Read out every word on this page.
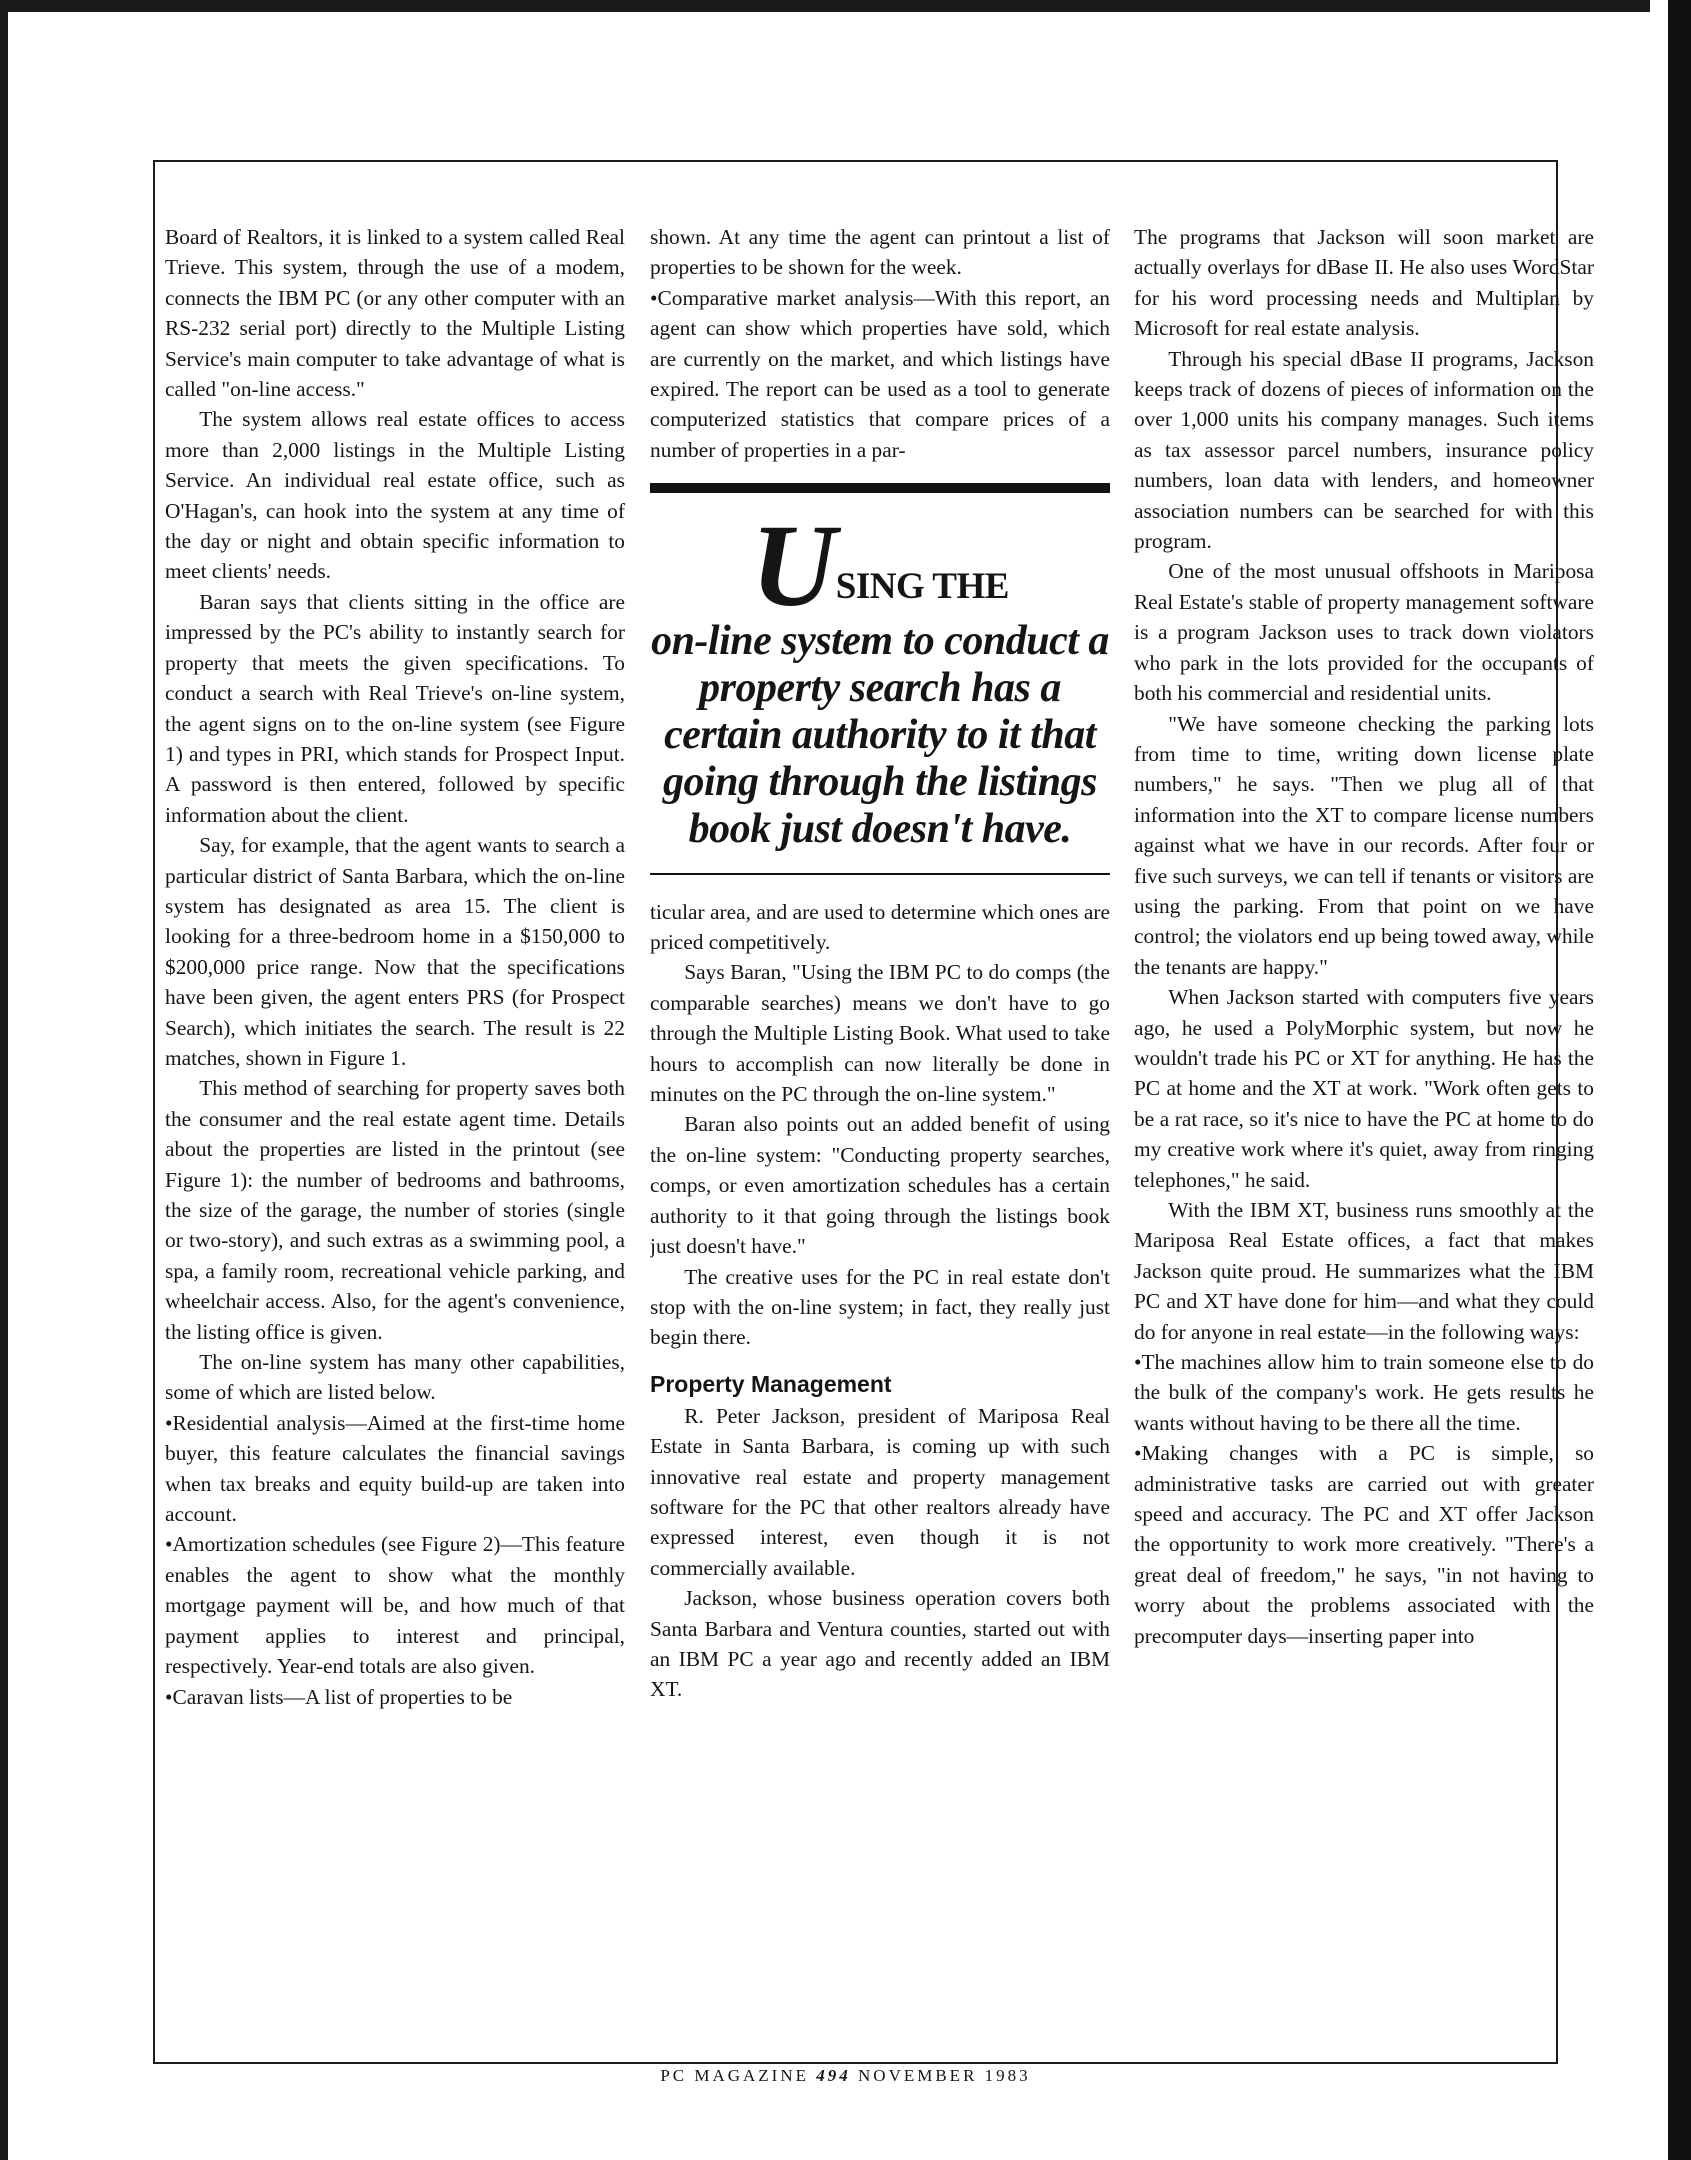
Board of Realtors, it is linked to a system called Real Trieve. This system, through the use of a modem, connects the IBM PC (or any other computer with an RS-232 serial port) directly to the Multiple Listing Service's main computer to take advantage of what is called "on-line access."

The system allows real estate offices to access more than 2,000 listings in the Multiple Listing Service. An individual real estate office, such as O'Hagan's, can hook into the system at any time of the day or night and obtain specific information to meet clients' needs.

Baran says that clients sitting in the office are impressed by the PC's ability to instantly search for property that meets the given specifications. To conduct a search with Real Trieve's on-line system, the agent signs on to the on-line system (see Figure 1) and types in PRI, which stands for Prospect Input. A password is then entered, followed by specific information about the client.

Say, for example, that the agent wants to search a particular district of Santa Barbara, which the on-line system has designated as area 15. The client is looking for a three-bedroom home in a $150,000 to $200,000 price range. Now that the specifications have been given, the agent enters PRS (for Prospect Search), which initiates the search. The result is 22 matches, shown in Figure 1.

This method of searching for property saves both the consumer and the real estate agent time. Details about the properties are listed in the printout (see Figure 1): the number of bedrooms and bathrooms, the size of the garage, the number of stories (single or two-story), and such extras as a swimming pool, a spa, a family room, recreational vehicle parking, and wheelchair access. Also, for the agent's convenience, the listing office is given.

The on-line system has many other capabilities, some of which are listed below.

•Residential analysis—Aimed at the first-time home buyer, this feature calculates the financial savings when tax breaks and equity build-up are taken into account.

•Amortization schedules (see Figure 2)—This feature enables the agent to show what the monthly mortgage payment will be, and how much of that payment applies to interest and principal, respectively. Year-end totals are also given.

•Caravan lists—A list of properties to be

shown. At any time the agent can printout a list of properties to be shown for the week.

•Comparative market analysis—With this report, an agent can show which properties have sold, which are currently on the market, and which listings have expired. The report can be used as a tool to generate computerized statistics that compare prices of a number of properties in a par-

USING THE
on-line system to conduct a property search has a certain authority to it that going through the listings book just doesn't have.

ticular area, and are used to determine which ones are priced competitively.

Says Baran, "Using the IBM PC to do comps (the comparable searches) means we don't have to go through the Multiple Listing Book. What used to take hours to accomplish can now literally be done in minutes on the PC through the on-line system."

Baran also points out an added benefit of using the on-line system: "Conducting property searches, comps, or even amortization schedules has a certain authority to it that going through the listings book just doesn't have."

The creative uses for the PC in real estate don't stop with the on-line system; in fact, they really just begin there.

Property Management

R. Peter Jackson, president of Mariposa Real Estate in Santa Barbara, is coming up with such innovative real estate and property management software for the PC that other realtors already have expressed interest, even though it is not commercially available.

Jackson, whose business operation covers both Santa Barbara and Ventura counties, started out with an IBM PC a year ago and recently added an IBM XT.

The programs that Jackson will soon market are actually overlays for dBase II. He also uses WordStar for his word processing needs and Multiplan by Microsoft for real estate analysis.

Through his special dBase II programs, Jackson keeps track of dozens of pieces of information on the over 1,000 units his company manages. Such items as tax assessor parcel numbers, insurance policy numbers, loan data with lenders, and homeowner association numbers can be searched for with this program.

One of the most unusual offshoots in Mariposa Real Estate's stable of property management software is a program Jackson uses to track down violators who park in the lots provided for the occupants of both his commercial and residential units.

"We have someone checking the parking lots from time to time, writing down license plate numbers," he says. "Then we plug all of that information into the XT to compare license numbers against what we have in our records. After four or five such surveys, we can tell if tenants or visitors are using the parking. From that point on we have control; the violators end up being towed away, while the tenants are happy."

When Jackson started with computers five years ago, he used a PolyMorphic system, but now he wouldn't trade his PC or XT for anything. He has the PC at home and the XT at work. "Work often gets to be a rat race, so it's nice to have the PC at home to do my creative work where it's quiet, away from ringing telephones," he said.

With the IBM XT, business runs smoothly at the Mariposa Real Estate offices, a fact that makes Jackson quite proud. He summarizes what the IBM PC and XT have done for him—and what they could do for anyone in real estate—in the following ways:

•The machines allow him to train someone else to do the bulk of the company's work. He gets results he wants without having to be there all the time.

•Making changes with a PC is simple, so administrative tasks are carried out with greater speed and accuracy. The PC and XT offer Jackson the opportunity to work more creatively. "There's a great deal of freedom," he says, "in not having to worry about the problems associated with the precomputer days—inserting paper into

PC MAGAZINE 494 NOVEMBER 1983
